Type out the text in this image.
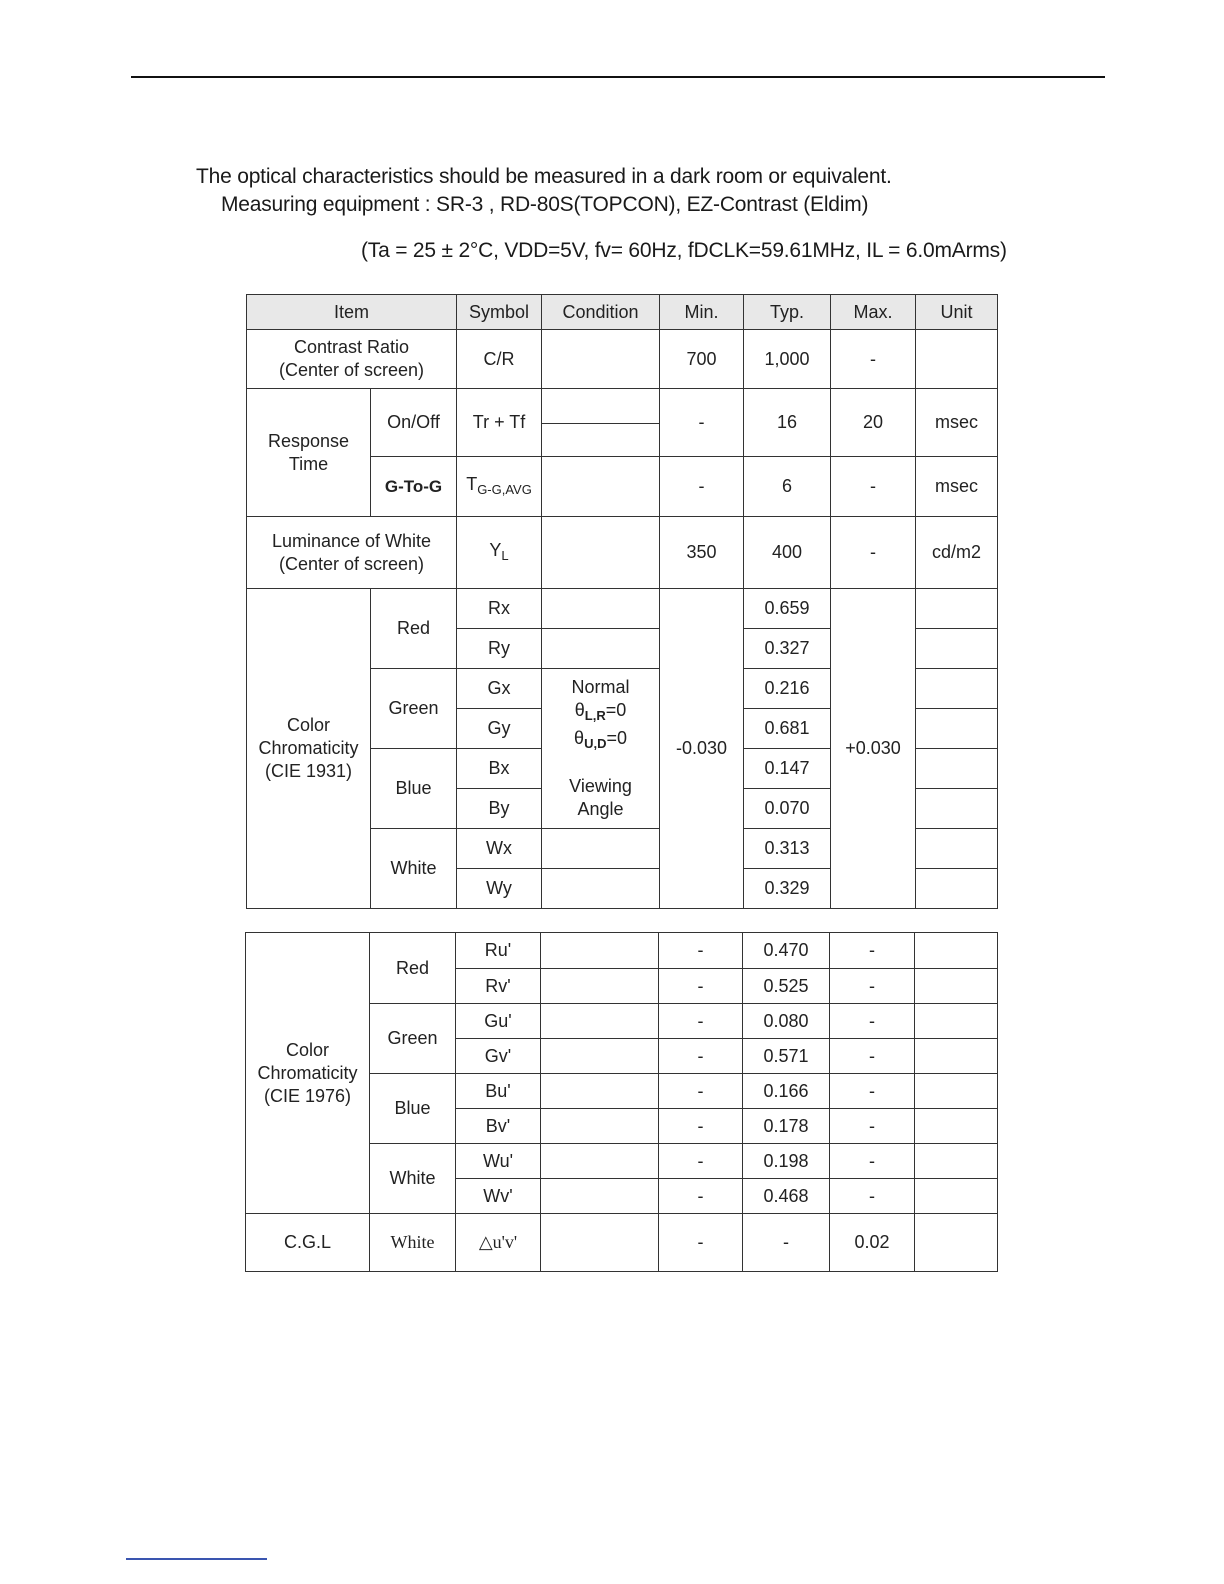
The optical characteristics should be measured in a dark room or equivalent.
Measuring equipment : SR-3 , RD-80S(TOPCON), EZ-Contrast (Eldim)
(Ta = 25 ± 2°C, VDD=5V, fv= 60Hz, fDCLK=59.61MHz, IL = 6.0mArms)
Item		Symbol	Condition	Min.	Typ.	Max.	Unit

Contrast Ratio
(Center of screen)		C/R		700	1,000	-	

Response
Time	On/Off	Tr + Tf		-	16	20	msec
	G-To-G	$T_{G-G,AVG}$		-	6	-	msec

Luminance of White
(Center of screen)		$Y_L$		350	400	-	cd/m2

Color
Chromaticity
(CIE 1931)	Red	Rx		-0.030	0.659	+0.030	
		Ry			0.327		
	Green	Gx	Normal
$\theta_{L,R}=0$
$\theta_{U,D}=0$
Viewing
Angle		0.216		
		Gy			0.681		
	Blue	Bx			0.147		
		By			0.070		
	White	Wx			0.313		
		Wy			0.329		
Color
Chromaticity
(CIE 1976)	Red	Ru'		-	0.470	-	
		Rv'		-	0.525	-	
	Green	Gu'		-	0.080	-	
		Gv'		-	0.571	-	
	Blue	Bu'		-	0.166	-	
		Bv'		-	0.178	-	
	White	Wu'		-	0.198	-	
		Wv'		-	0.468	-	
C.G.L	White	△u'v'		-	-	0.02	
